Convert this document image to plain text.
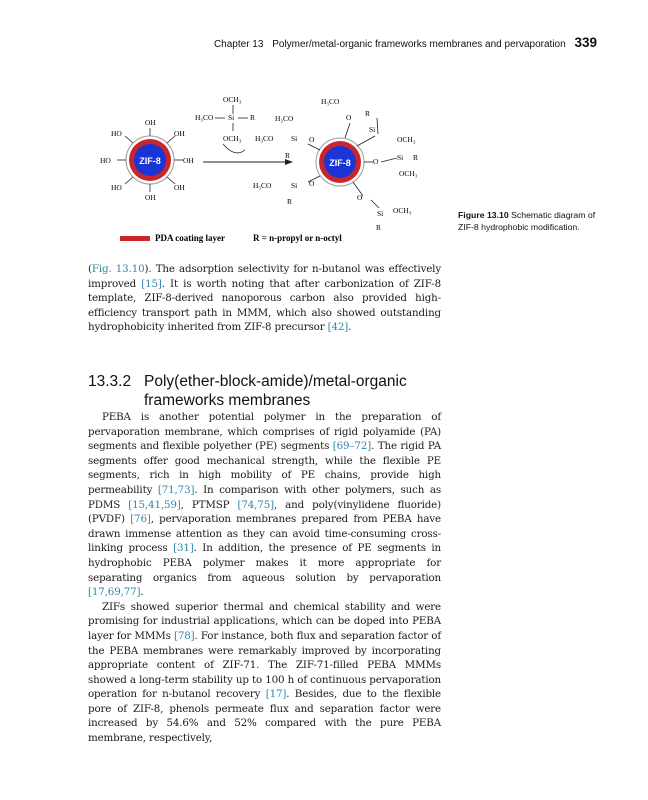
Chapter 13 Polymer/metal-organic frameworks membranes and pervaporation 339
ZIF-8
OH
OH
HO	OH
HO	OH
HO	OH
OCH₃
H₃CO Si R
OCH₃
ZIF-8
H₃CO
R
H₃CO
H₃CO Si O
R
O
Si
O Si
OCH₃
R
OCH₃
H₃CO	Si O
R	O
Si OCH₃
R
PDA coating layer	R = n-propyl or n-octyl
Figure 13.10 Schematic diagram of ZIF-8 hydrophobic modification.

(Fig. 13.10). The adsorption selectivity for n-butanol was effectively improved [15]. It is worth noting that after carbonization of ZIF-8 template, ZIF-8-derived nanoporous carbon also provided high-efficiency transport path in MMM, which also showed outstanding hydrophobicity inherited from ZIF-8 precursor [42].

13.3.2 Poly(ether-block-amide)/metal-organic frameworks membranes

PEBA is another potential polymer in the preparation of pervaporation membrane, which comprises of rigid polyamide (PA) segments and flexible polyether (PE) segments [69–72]. The rigid PA segments offer good mechanical strength, while the flexible PE segments, rich in high mobility of PE chains, provide high permeability [71,73]. In comparison with other polymers, such as PDMS [15,41,59], PTMSP [74,75], and poly(vinylidene fluoride) (PVDF) [76], pervaporation membranes prepared from PEBA have drawn immense attention as they can avoid time-consuming cross-linking process [31]. In addition, the presence of PE segments in hydrophobic PEBA polymer makes it more appropriate for separating organics from aqueous solution by pervaporation [17,69,77].

ZIFs showed superior thermal and chemical stability and were promising for industrial applications, which can be doped into PEBA layer for MMMs [78]. For instance, both flux and separation factor of the PEBA membranes were remarkably improved by incorporating appropriate content of ZIF-71. The ZIF-71-filled PEBA MMMs showed a long-term stability up to 100 h of continuous pervaporation operation for n-butanol recovery [17]. Besides, due to the flexible pore of ZIF-8, phenols permeate flux and separation factor were increased by 54.6% and 52% compared with the pure PEBA membrane, respectively,
